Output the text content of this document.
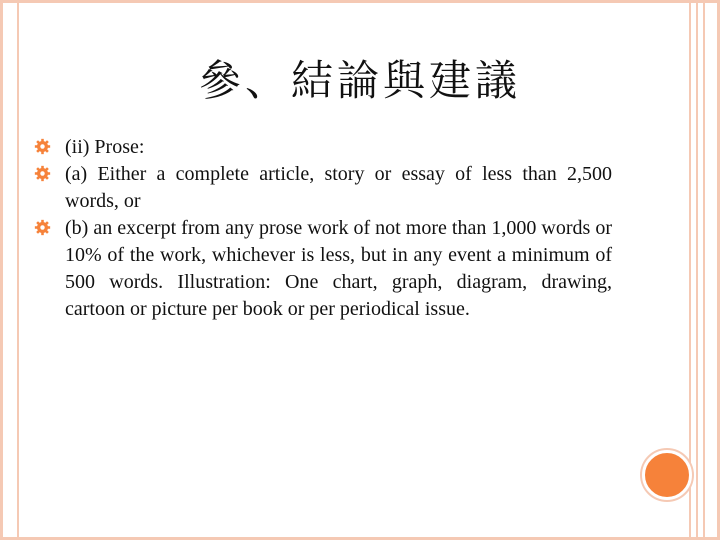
參、結論與建議
(ii) Prose:
(a) Either a complete article, story or essay of less than 2,500 words, or
(b) an excerpt from any prose work of not more than 1,000 words or 10% of the work, whichever is less, but in any event a minimum of 500 words. Illustration: One chart, graph, diagram, drawing, cartoon or picture per book or per periodical issue.
